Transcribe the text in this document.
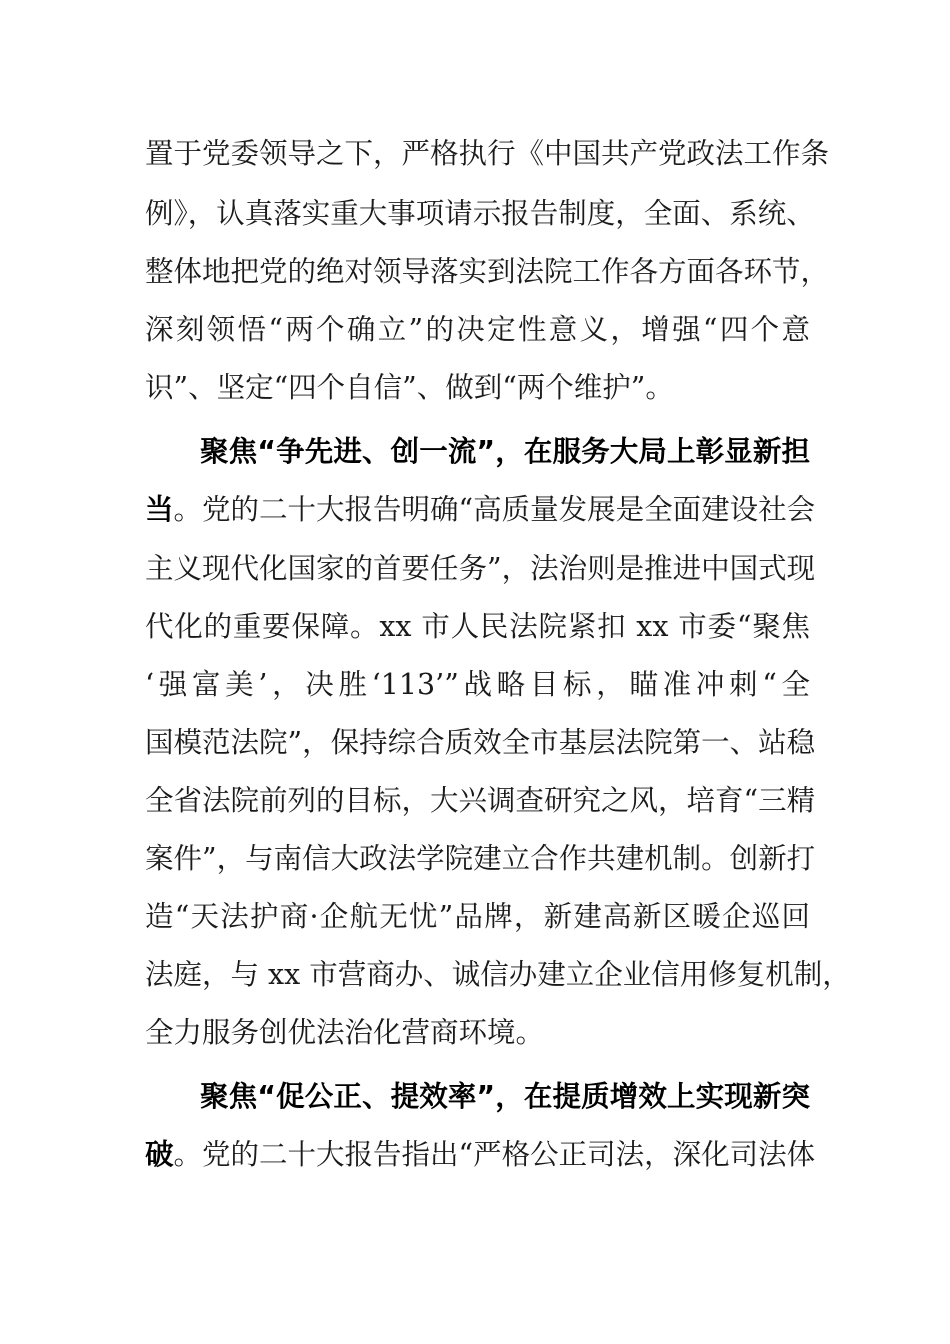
置于党委领导之下，严格执行《中国共产党政法工作条
例》，认真落实重大事项请示报告制度，全面、系统、
整体地把党的绝对领导落实到法院工作各方面各环节，
深刻领悟“两个确立”的决定性意义，增强“四个意
识”、坚定“四个自信”、做到“两个维护”。
聚焦“争先进、创一流”，在服务大局上彰显新担
当。党的二十大报告明确“高质量发展是全面建设社会
主义现代化国家的首要任务”，法治则是推进中国式现
代化的重要保障。xx 市人民法院紧扣 xx 市委“聚焦
‘强富美’，决胜‘113’”战略目标，瞄准冲刺“全
国模范法院”，保持综合质效全市基层法院第一、站稳
全省法院前列的目标，大兴调查研究之风，培育“三精
案件”，与南信大政法学院建立合作共建机制。创新打
造“天法护商·企航无忧”品牌，新建高新区暖企巡回
法庭，与 xx 市营商办、诚信办建立企业信用修复机制，
全力服务创优法治化营商环境。
聚焦“促公正、提效率”，在提质增效上实现新突
破。党的二十大报告指出“严格公正司法，深化司法体
